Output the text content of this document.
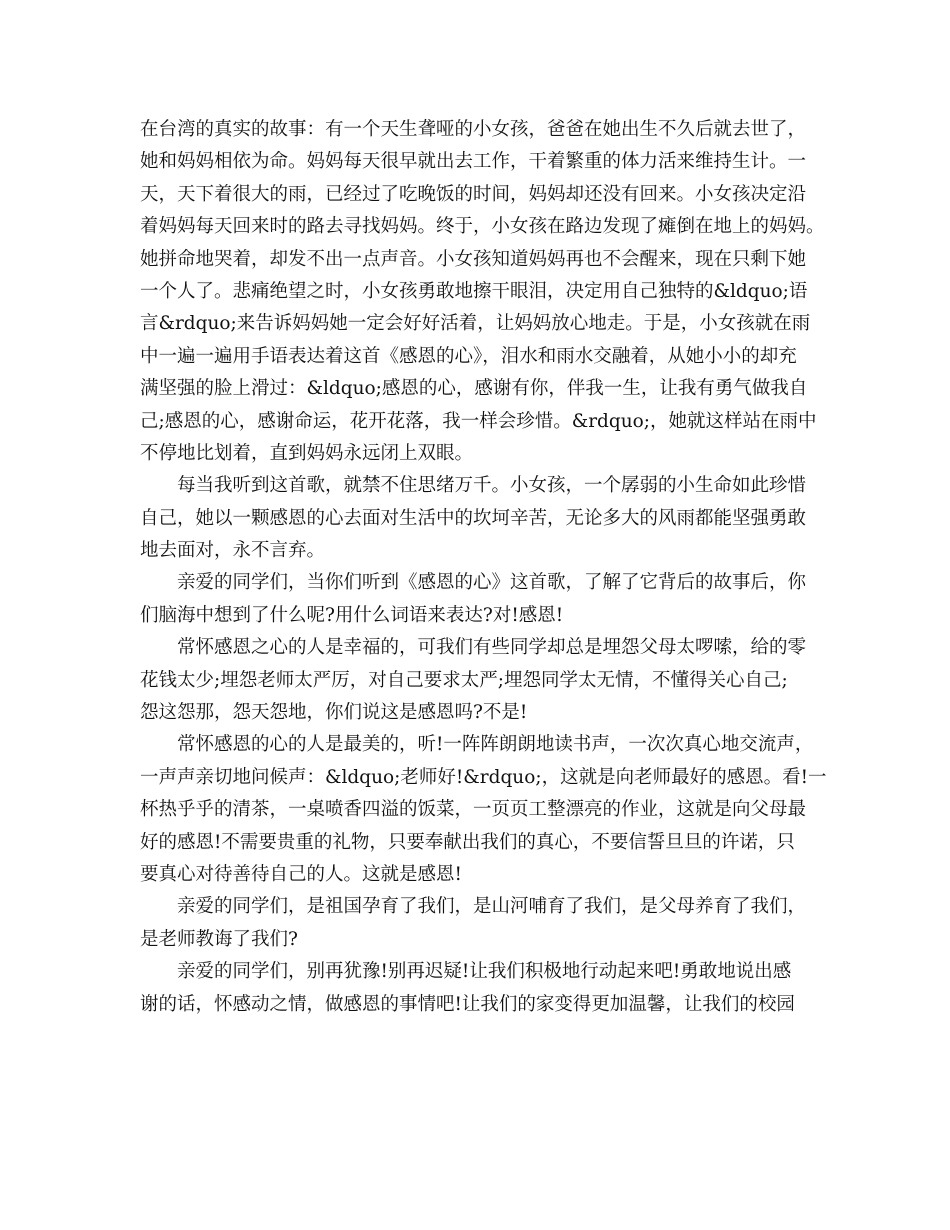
在台湾的真实的故事：有一个天生聋哑的小女孩，爸爸在她出生不久后就去世了，
她和妈妈相依为命。妈妈每天很早就出去工作，干着繁重的体力活来维持生计。一
天，天下着很大的雨，已经过了吃晚饭的时间，妈妈却还没有回来。小女孩决定沿
着妈妈每天回来时的路去寻找妈妈。终于，小女孩在路边发现了瘫倒在地上的妈妈。
她拼命地哭着，却发不出一点声音。小女孩知道妈妈再也不会醒来，现在只剩下她
一个人了。悲痛绝望之时，小女孩勇敢地擦干眼泪，决定用自己独特的&ldquo;语
言&rdquo;来告诉妈妈她一定会好好活着，让妈妈放心地走。于是，小女孩就在雨
中一遍一遍用手语表达着这首《感恩的心》，泪水和雨水交融着，从她小小的却充
满坚强的脸上滑过：&ldquo;感恩的心，感谢有你，伴我一生，让我有勇气做我自
己;感恩的心，感谢命运，花开花落，我一样会珍惜。&rdquo;，她就这样站在雨中
不停地比划着，直到妈妈永远闭上双眼。
每当我听到这首歌，就禁不住思绪万千。小女孩，一个孱弱的小生命如此珍惜
自己，她以一颗感恩的心去面对生活中的坎坷辛苦，无论多大的风雨都能坚强勇敢
地去面对，永不言弃。
亲爱的同学们，当你们听到《感恩的心》这首歌，了解了它背后的故事后，你
们脑海中想到了什么呢?用什么词语来表达?对!感恩!
常怀感恩之心的人是幸福的，可我们有些同学却总是埋怨父母太啰嗦，给的零
花钱太少;埋怨老师太严厉，对自己要求太严;埋怨同学太无情，不懂得关心自己;
怨这怨那，怨天怨地，你们说这是感恩吗?不是!
常怀感恩的心的人是最美的，听!一阵阵朗朗地读书声，一次次真心地交流声，
一声声亲切地问候声：&ldquo;老师好!&rdquo;，这就是向老师最好的感恩。看!一
杯热乎乎的清茶，一桌喷香四溢的饭菜，一页页工整漂亮的作业，这就是向父母最
好的感恩!不需要贵重的礼物，只要奉献出我们的真心，不要信誓旦旦的许诺，只
要真心对待善待自己的人。这就是感恩!
亲爱的同学们，是祖国孕育了我们，是山河哺育了我们，是父母养育了我们，
是老师教诲了我们?
亲爱的同学们，别再犹豫!别再迟疑!让我们积极地行动起来吧!勇敢地说出感
谢的话，怀感动之情，做感恩的事情吧!让我们的家变得更加温馨，让我们的校园
